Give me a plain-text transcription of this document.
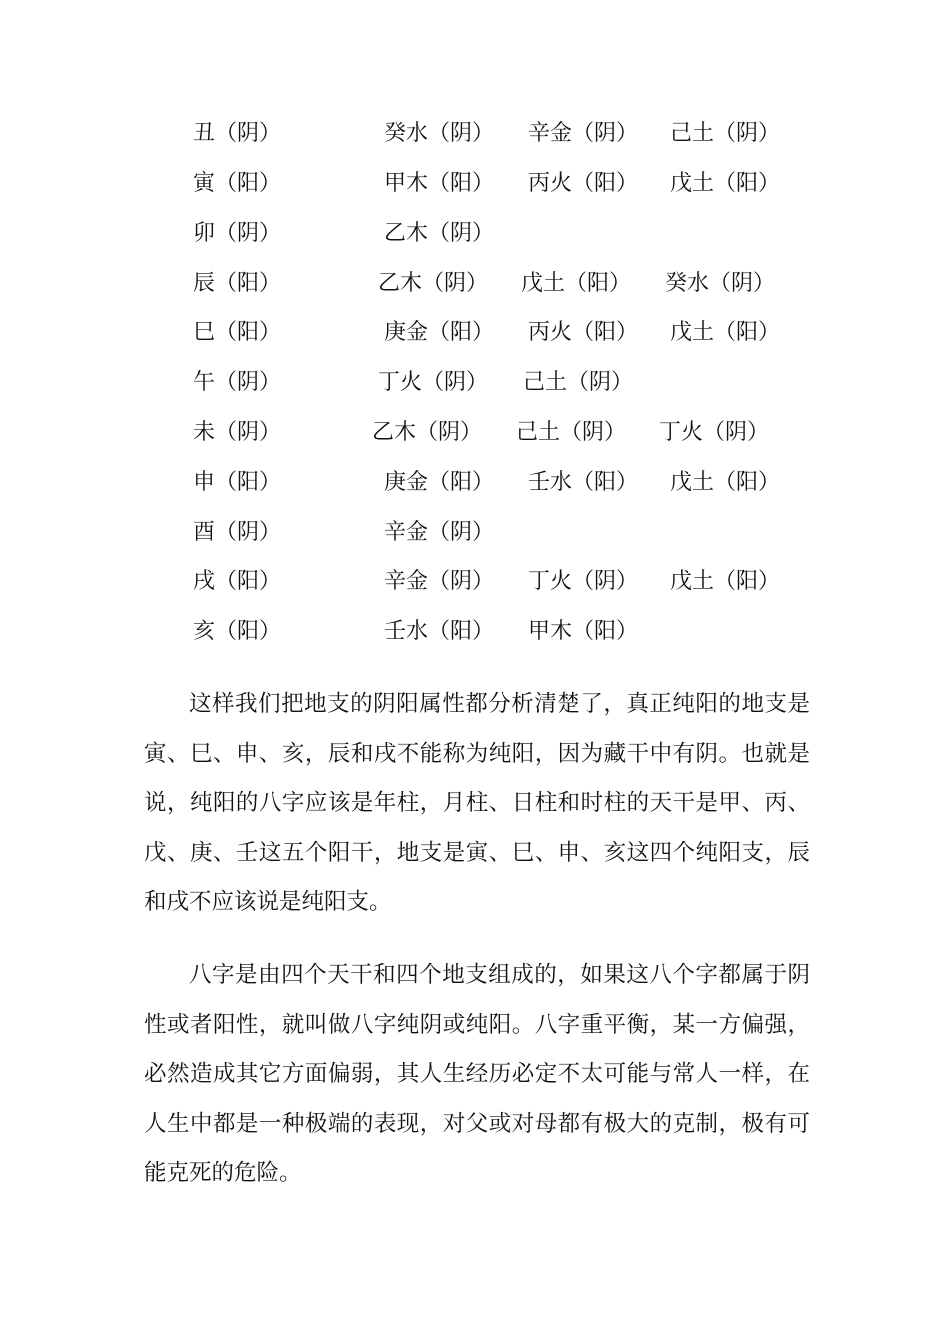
丑（阴）	癸水（阴） 辛金（阴） 己土（阴）
寅（阳）	甲木（阳） 丙火（阳） 戊土（阳）
卯（阴）	乙木（阴）
辰（阳）	乙木（阴） 戊土（阳） 癸水（阴）
巳（阳）	庚金（阳） 丙火（阳） 戊土（阳）
午（阴）	丁火（阴） 己土（阴）
未（阴）	乙木（阴） 己土（阴） 丁火（阴）
申（阳）	庚金（阳） 壬水（阳） 戊土（阳）
酉（阴）	辛金（阴）
戌（阳）	辛金（阴） 丁火（阴） 戊土（阳）
亥（阳）	壬水（阳） 甲木（阳）

这样我们把地支的阴阳属性都分析清楚了，真正纯阳的地支是寅、巳、申、亥，辰和戌不能称为纯阳，因为藏干中有阴。也就是说，纯阳的八字应该是年柱，月柱、日柱和时柱的天干是甲、丙、戊、庚、壬这五个阳干，地支是寅、巳、申、亥这四个纯阳支，辰和戌不应该说是纯阳支。

八字是由四个天干和四个地支组成的，如果这八个字都属于阴性或者阳性，就叫做八字纯阴或纯阳。八字重平衡，某一方偏强，必然造成其它方面偏弱，其人生经历必定不太可能与常人一样，在人生中都是一种极端的表现，对父或对母都有极大的克制，极有可能克死的危险。
